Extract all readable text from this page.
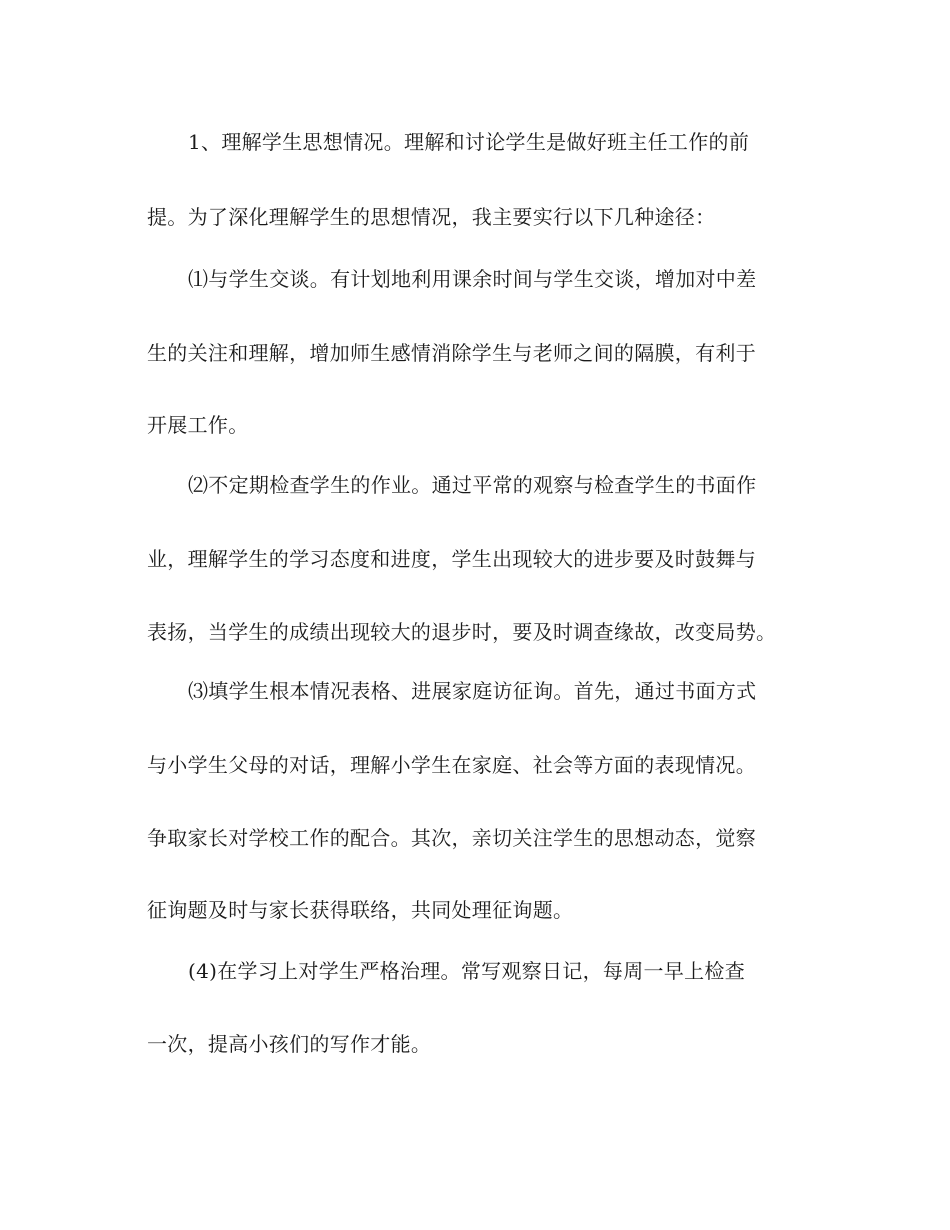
1、理解学生思想情况。理解和讨论学生是做好班主任工作的前
提。为了深化理解学生的思想情况，我主要实行以下几种途径：
⑴与学生交谈。有计划地利用课余时间与学生交谈，增加对中差
生的关注和理解，增加师生感情消除学生与老师之间的隔膜，有利于
开展工作。
⑵不定期检查学生的作业。通过平常的观察与检查学生的书面作
业，理解学生的学习态度和进度，学生出现较大的进步要及时鼓舞与
表扬，当学生的成绩出现较大的退步时，要及时调查缘故，改变局势。
⑶填学生根本情况表格、进展家庭访征询。首先，通过书面方式
与小学生父母的对话，理解小学生在家庭、社会等方面的表现情况。
争取家长对学校工作的配合。其次，亲切关注学生的思想动态，觉察
征询题及时与家长获得联络，共同处理征询题。
(4)在学习上对学生严格治理。常写观察日记，每周一早上检查
一次，提高小孩们的写作才能。
